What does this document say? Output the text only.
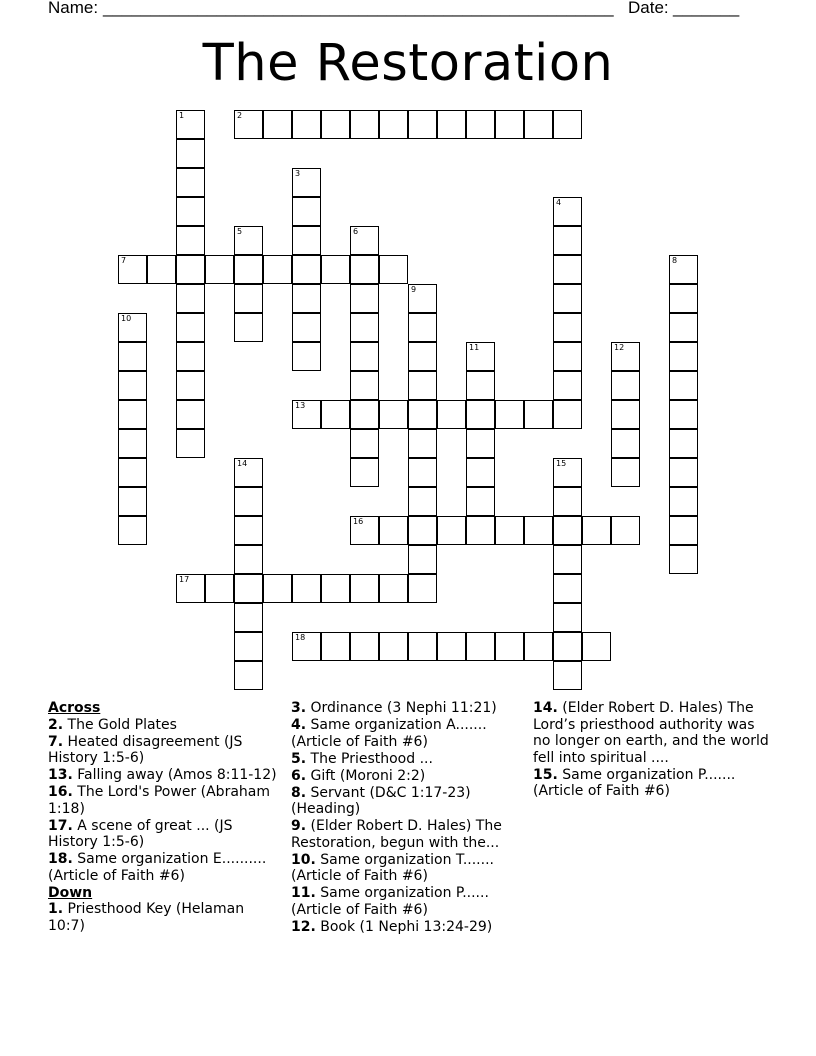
Name: ______________________________________________________ Date: _______
The Restoration
1	2
3
4
5	6
7	8
9
10
11	12
13
14	15
16
17
18
Across
2. The Gold Plates
7. Heated disagreement (JS History 1:5-6)
13. Falling away (Amos 8:11-12)
16. The Lord's Power (Abraham 1:18)
17. A scene of great ... (JS History 1:5-6)
18. Same organization E..........(Article of Faith #6)
Down
1. Priesthood Key (Helaman 10:7)
3. Ordinance (3 Nephi 11:21)
4. Same organization A.......(Article of Faith #6)
5. The Priesthood ...
6. Gift (Moroni 2:2)
8. Servant (D&C 1:17-23)(Heading)
9. (Elder Robert D. Hales) The Restoration, begun with the...
10. Same organization T.......(Article of Faith #6)
11. Same organization P......(Article of Faith #6)
12. Book (1 Nephi 13:24-29)
14. (Elder Robert D. Hales) The Lord’s priesthood authority was no longer on earth, and the world fell into spiritual ....
15. Same organization P.......(Article of Faith #6)
